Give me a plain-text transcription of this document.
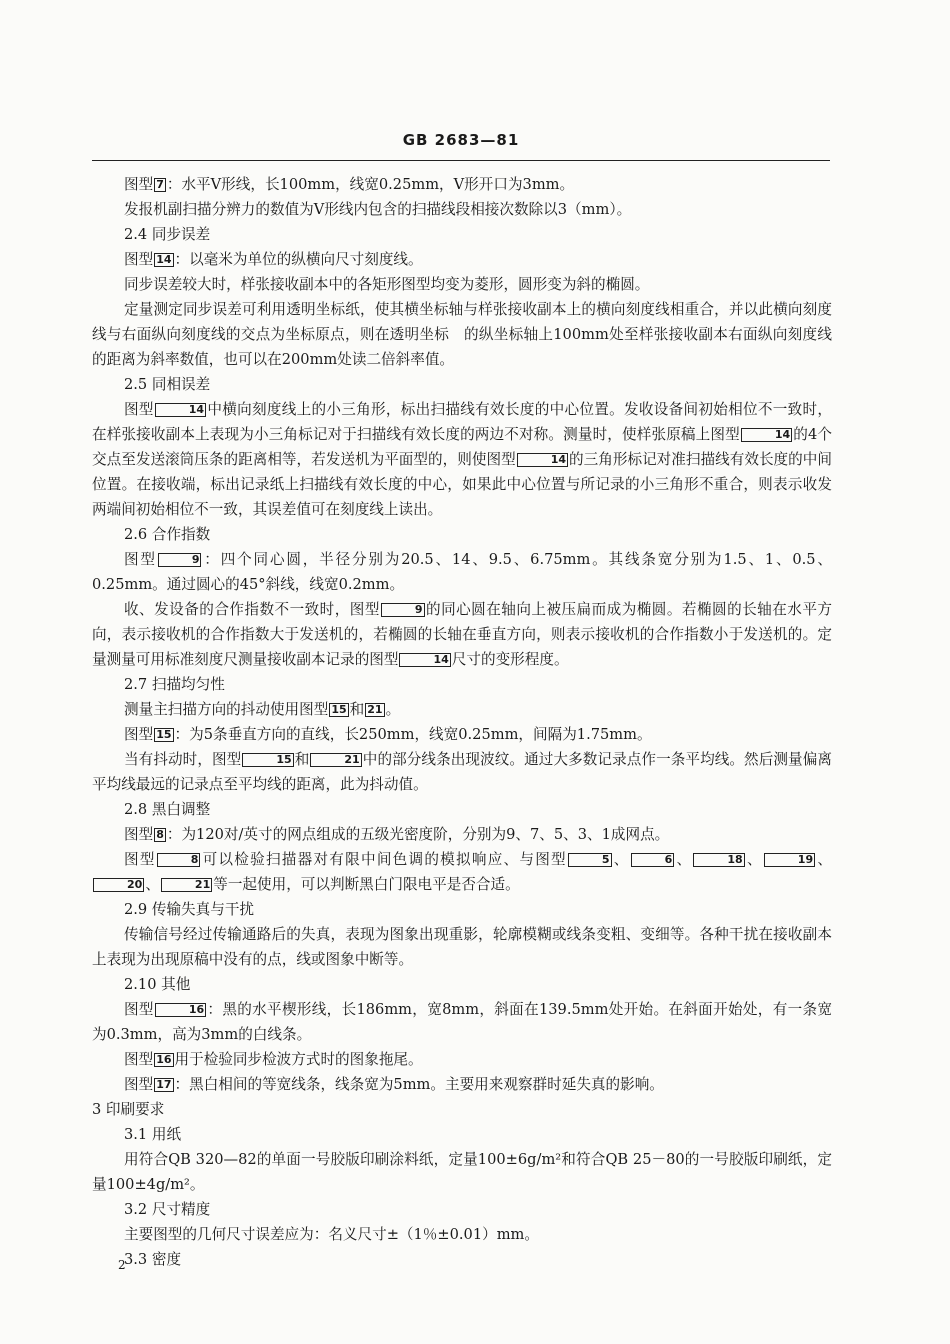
GB 2683—81

图型 7 ：水平V形线，长100mm，线宽0.25mm，V形开口为3mm。

发报机副扫描分辨力的数值为V形线内包含的扫描线段相接次数除以3（mm）。

2.4 同步误差

图型 14 ：以毫米为单位的纵横向尺寸刻度线。

同步误差较大时，样张接收副本中的各矩形图型均变为菱形，圆形变为斜的椭圆。

定量测定同步误差可利用透明坐标纸，使其横坐标轴与样张接收副本上的横向刻度线相重合，并以此横向刻度线与右面纵向刻度线的交点为坐标原点，则在透明坐标　的纵坐标轴上100mm处至样张接收副本右面纵向刻度线的距离为斜率数值，也可以在200mm处读二倍斜率值。

2.5 同相误差

图型	14 中横向刻度线上的小三角形，标出扫描线有效长度的中心位置。发收设备间初始相位不一致时，在样张接收副本上表现为小三角标记对于扫描线有效长度的两边不对称。测量时，使样张原稿上图型	14 的4个交点至发送滚筒压条的距离相等，若发送机为平面型的，则使图型	14 的三角形标记对准扫描线有效长度的中间位置。在接收端，标出记录纸上扫描线有效长度的中心，如果此中心位置与所记录的小三角形不重合，则表示收发两端间初始相位不一致，其误差值可在刻度线上读出。

2.6 合作指数

图型	9 ：四个同心圆，半径分别为20.5、14、9.5、6.75mm。其线条宽分别为1.5、1、0.5、0.25mm。通过圆心的45°斜线，线宽0.2mm。

收、发设备的合作指数不一致时，图型	9 的同心圆在轴向上被压扁而成为椭圆。若椭圆的长轴在水平方向，表示接收机的合作指数大于发送机的，若椭圆的长轴在垂直方向，则表示接收机的合作指数小于发送机的。定量测量可用标准刻度尺测量接收副本记录的图型	14 尺寸的变形程度。

2.7 扫描均匀性

测量主扫描方向的抖动使用图型 15 和 21 。

图型 15 ：为5条垂直方向的直线，长250mm，线宽0.25mm，间隔为1.75mm。

当有抖动时，图型	15 和	21 中的部分线条出现波纹。通过大多数记录点作一条平均线。然后测量偏离平均线最远的记录点至平均线的距离，此为抖动值。

2.8 黑白调整

图型 8 ：为120对/英寸的网点组成的五级光密度阶，分别为9、7、5、3、1成网点。

图型	8 可以检验扫描器对有限中间色调的模拟响应、与图型	5 、	6 、	18 、	19 、20 、	21 等一起使用，可以判断黑白门限电平是否合适。

2.9 传输失真与干扰

传输信号经过传输通路后的失真，表现为图象出现重影，轮廓模糊或线条变粗、变细等。各种干扰在接收副本上表现为出现原稿中没有的点，线或图象中断等。

2.10 其他

图型	16 ：黑的水平楔形线，长186mm，宽8mm，斜面在139.5mm处开始。在斜面开始处，有一条宽为0.3mm，高为3mm的白线条。

图型 16 用于检验同步检波方式时的图象拖尾。

图型 17 ：黑白相间的等宽线条，线条宽为5mm。主要用来观察群时延失真的影响。

3 印刷要求

3.1 用纸

用符合QB 320—82的单面一号胶版印刷涂料纸，定量100±6g/m²和符合QB 25－80的一号胶版印刷纸，定量100±4g/m²。

3.2 尺寸精度

主要图型的几何尺寸误差应为：名义尺寸±（1％±0.01）mm。

3.3 密度

2
